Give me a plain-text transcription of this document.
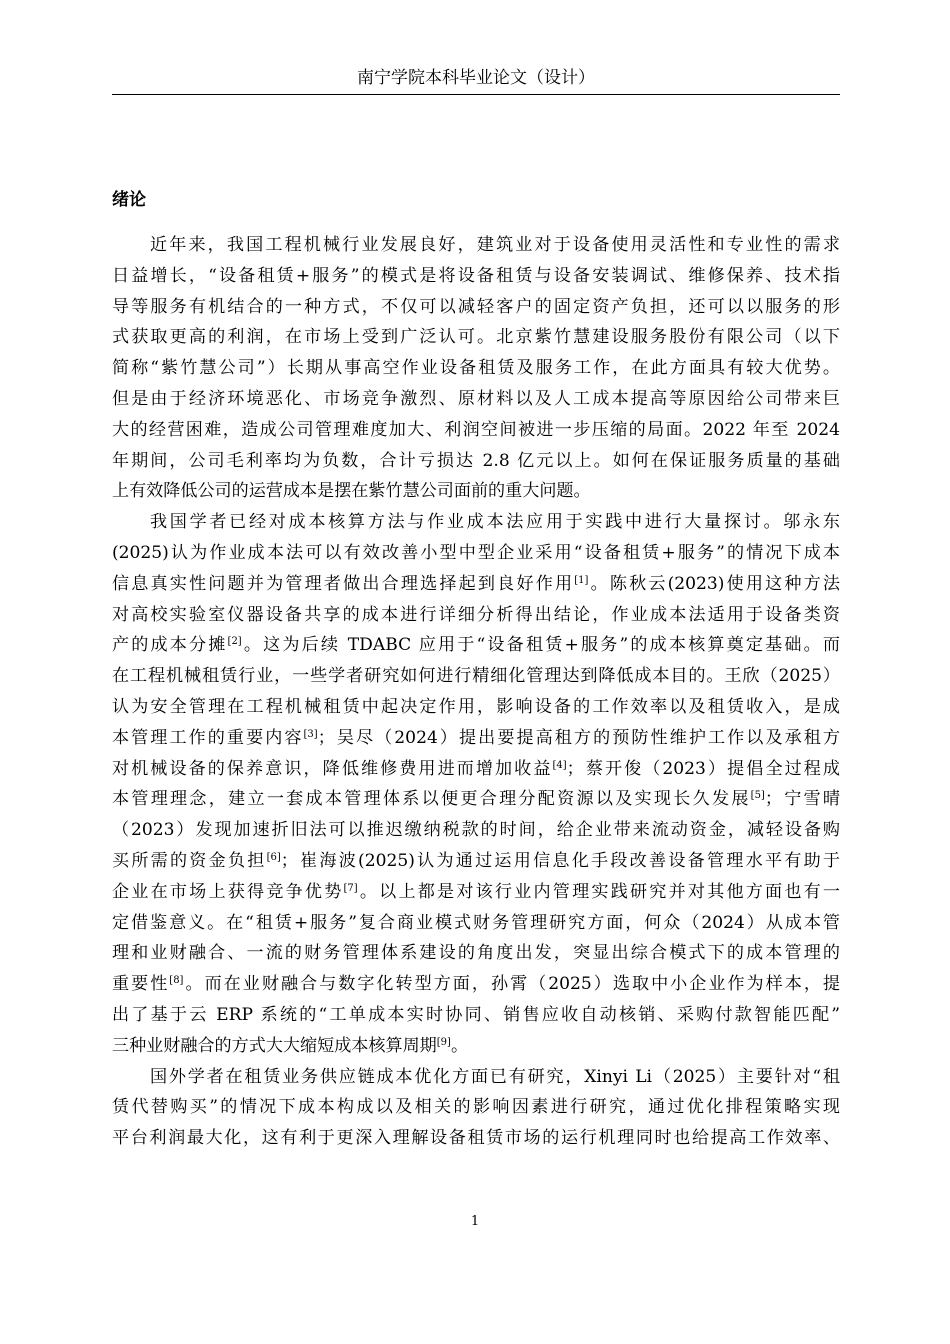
南宁学院本科毕业论文（设计）
绪论
近年来，我国工程机械行业发展良好，建筑业对于设备使用灵活性和专业性的需求
日益增长，“设备租赁+服务”的模式是将设备租赁与设备安装调试、维修保养、技术指
导等服务有机结合的一种方式，不仅可以减轻客户的固定资产负担，还可以以服务的形
式获取更高的利润，在市场上受到广泛认可。北京紫竹慧建设服务股份有限公司（以下
简称“紫竹慧公司”）长期从事高空作业设备租赁及服务工作，在此方面具有较大优势。
但是由于经济环境恶化、市场竞争激烈、原材料以及人工成本提高等原因给公司带来巨
大的经营困难，造成公司管理难度加大、利润空间被进一步压缩的局面。2022 年至 2024
年期间，公司毛利率均为负数，合计亏损达 2.8 亿元以上。如何在保证服务质量的基础
上有效降低公司的运营成本是摆在紫竹慧公司面前的重大问题。
我国学者已经对成本核算方法与作业成本法应用于实践中进行大量探讨。邬永东
(2025)认为作业成本法可以有效改善小型中型企业采用“设备租赁+服务”的情况下成本
信息真实性问题并为管理者做出合理选择起到良好作用[1]。陈秋云(2023)使用这种方法
对高校实验室仪器设备共享的成本进行详细分析得出结论，作业成本法适用于设备类资
产的成本分摊[2]。这为后续 TDABC 应用于“设备租赁+服务”的成本核算奠定基础。而
在工程机械租赁行业，一些学者研究如何进行精细化管理达到降低成本目的。王欣（2025）
认为安全管理在工程机械租赁中起决定作用，影响设备的工作效率以及租赁收入，是成
本管理工作的重要内容[3]；吴尽（2024）提出要提高租方的预防性维护工作以及承租方
对机械设备的保养意识，降低维修费用进而增加收益[4]；蔡开俊（2023）提倡全过程成
本管理理念，建立一套成本管理体系以便更合理分配资源以及实现长久发展[5]；宁雪晴
（2023）发现加速折旧法可以推迟缴纳税款的时间，给企业带来流动资金，减轻设备购
买所需的资金负担[6]；崔海波(2025)认为通过运用信息化手段改善设备管理水平有助于
企业在市场上获得竞争优势[7]。以上都是对该行业内管理实践研究并对其他方面也有一
定借鉴意义。在“租赁+服务”复合商业模式财务管理研究方面，何众（2024）从成本管
理和业财融合、一流的财务管理体系建设的角度出发，突显出综合模式下的成本管理的
重要性[8]。而在业财融合与数字化转型方面，孙霄（2025）选取中小企业作为样本，提
出了基于云 ERP 系统的“工单成本实时协同、销售应收自动核销、采购付款智能匹配”
三种业财融合的方式大大缩短成本核算周期[9]。
国外学者在租赁业务供应链成本优化方面已有研究，Xinyi Li（2025）主要针对“租
赁代替购买”的情况下成本构成以及相关的影响因素进行研究，通过优化排程策略实现
平台利润最大化，这有利于更深入理解设备租赁市场的运行机理同时也给提高工作效率、
1
